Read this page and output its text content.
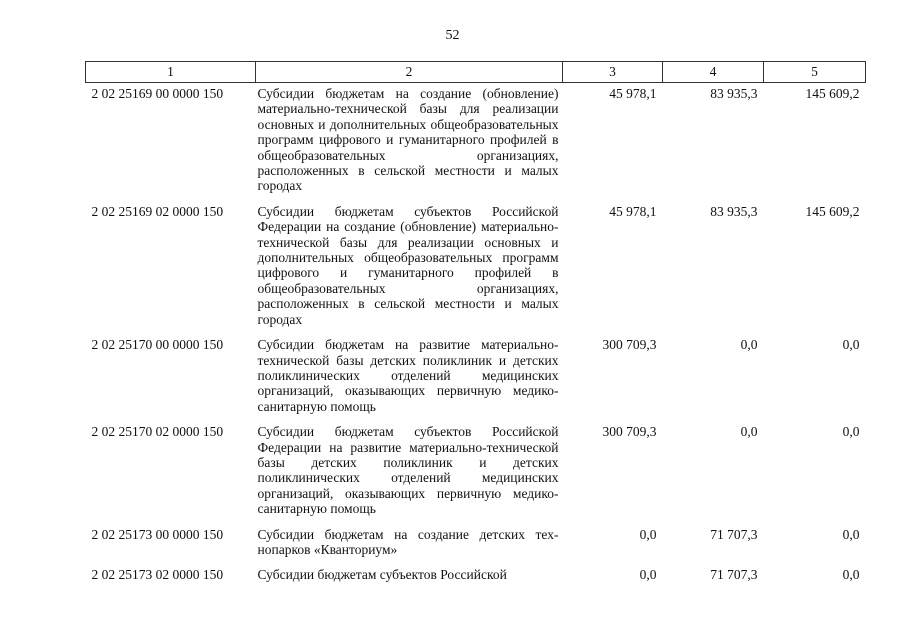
52
1	2	3	4	5
2 02 25169 00 0000 150	Субсидии бюджетам на создание (обновление) материально-технической базы для реализации основных и дополнительных общеобразовательных программ цифрового и гуманитарного профилей в общеобразовательных организациях, расположенных в сельской местности и малых городах	45 978,1	83 935,3	145 609,2
2 02 25169 02 0000 150	Субсидии бюджетам субъектов Российской Федерации на создание (обновление) материально-технической базы для реализации основных и дополнительных общеобразовательных программ цифрового и гуманитарного профилей в общеобразовательных организациях, расположенных в сельской местности и малых городах	45 978,1	83 935,3	145 609,2
2 02 25170 00 0000 150	Субсидии бюджетам на развитие материально-технической базы детских поликлиник и детских поликлинических отделений медицинских организаций, оказывающих первичную медико-санитарную помощь	300 709,3	0,0	0,0
2 02 25170 02 0000 150	Субсидии бюджетам субъектов Российской Федерации на развитие материально-технической базы детских поликлиник и детских поликлинических отделений медицинских организаций, оказывающих первичную медико-санитарную помощь	300 709,3	0,0	0,0
2 02 25173 00 0000 150	Субсидии бюджетам на создание детских технопарков «Кванториум»	0,0	71 707,3	0,0
2 02 25173 02 0000 150	Субсидии бюджетам субъектов Российской	0,0	71 707,3	0,0
